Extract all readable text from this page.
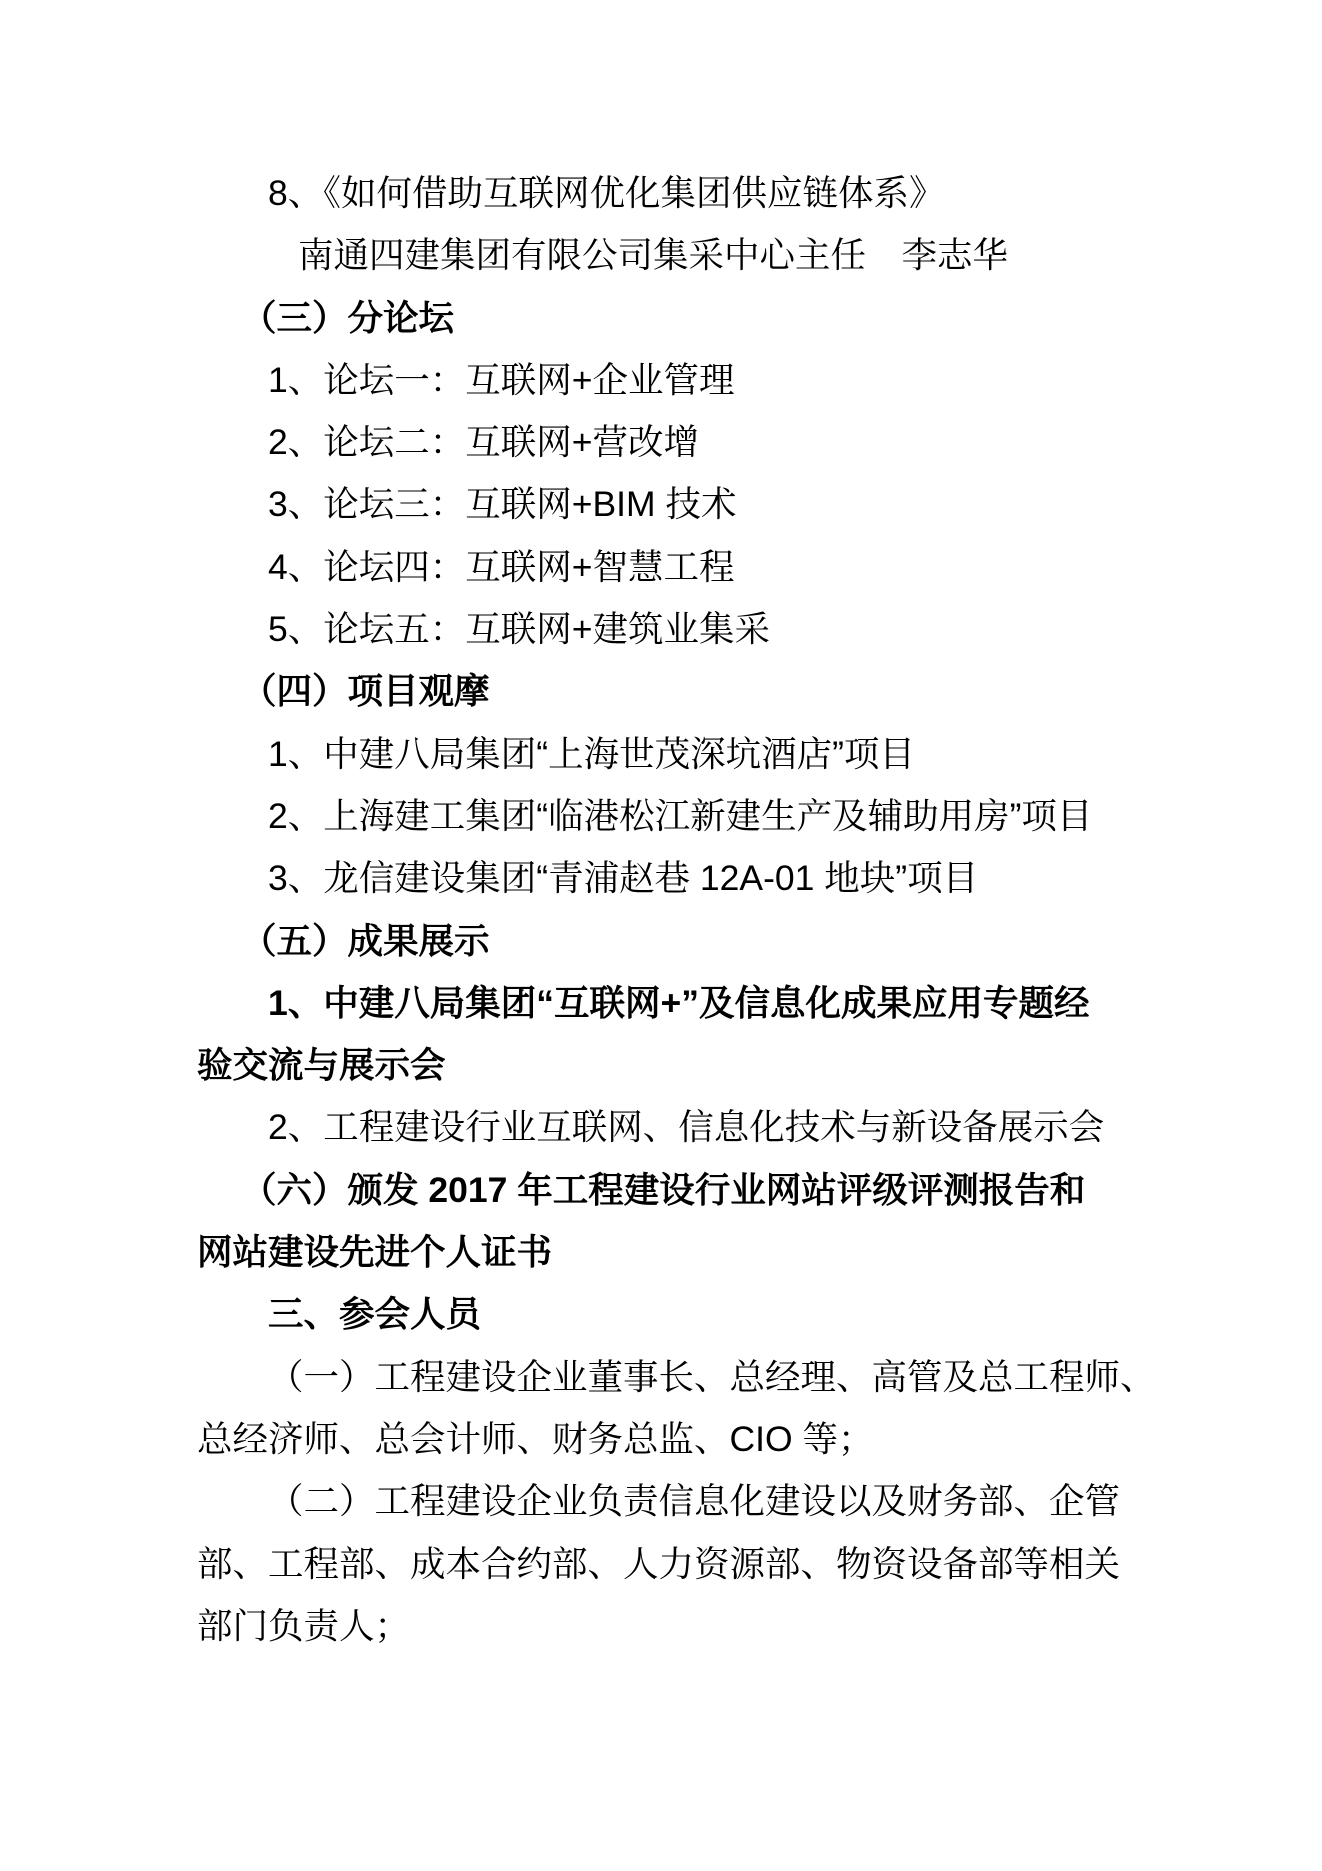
8、《如何借助互联网优化集团供应链体系》
南通四建集团有限公司集采中心主任　李志华
（三）分论坛
1、论坛一：互联网+企业管理
2、论坛二：互联网+营改增
3、论坛三：互联网+BIM 技术
4、论坛四：互联网+智慧工程
5、论坛五：互联网+建筑业集采
（四）项目观摩
1、中建八局集团“上海世茂深坑酒店”项目
2、上海建工集团“临港松江新建生产及辅助用房”项目
3、龙信建设集团“青浦赵巷 12A-01 地块”项目
（五）成果展示
1、中建八局集团“互联网+”及信息化成果应用专题经
验交流与展示会
2、工程建设行业互联网、信息化技术与新设备展示会
（六）颁发 2017 年工程建设行业网站评级评测报告和
网站建设先进个人证书
三、参会人员
（一）工程建设企业董事长、总经理、高管及总工程师、
总经济师、总会计师、财务总监、CIO 等；
（二）工程建设企业负责信息化建设以及财务部、企管
部、工程部、成本合约部、人力资源部、物资设备部等相关
部门负责人；
